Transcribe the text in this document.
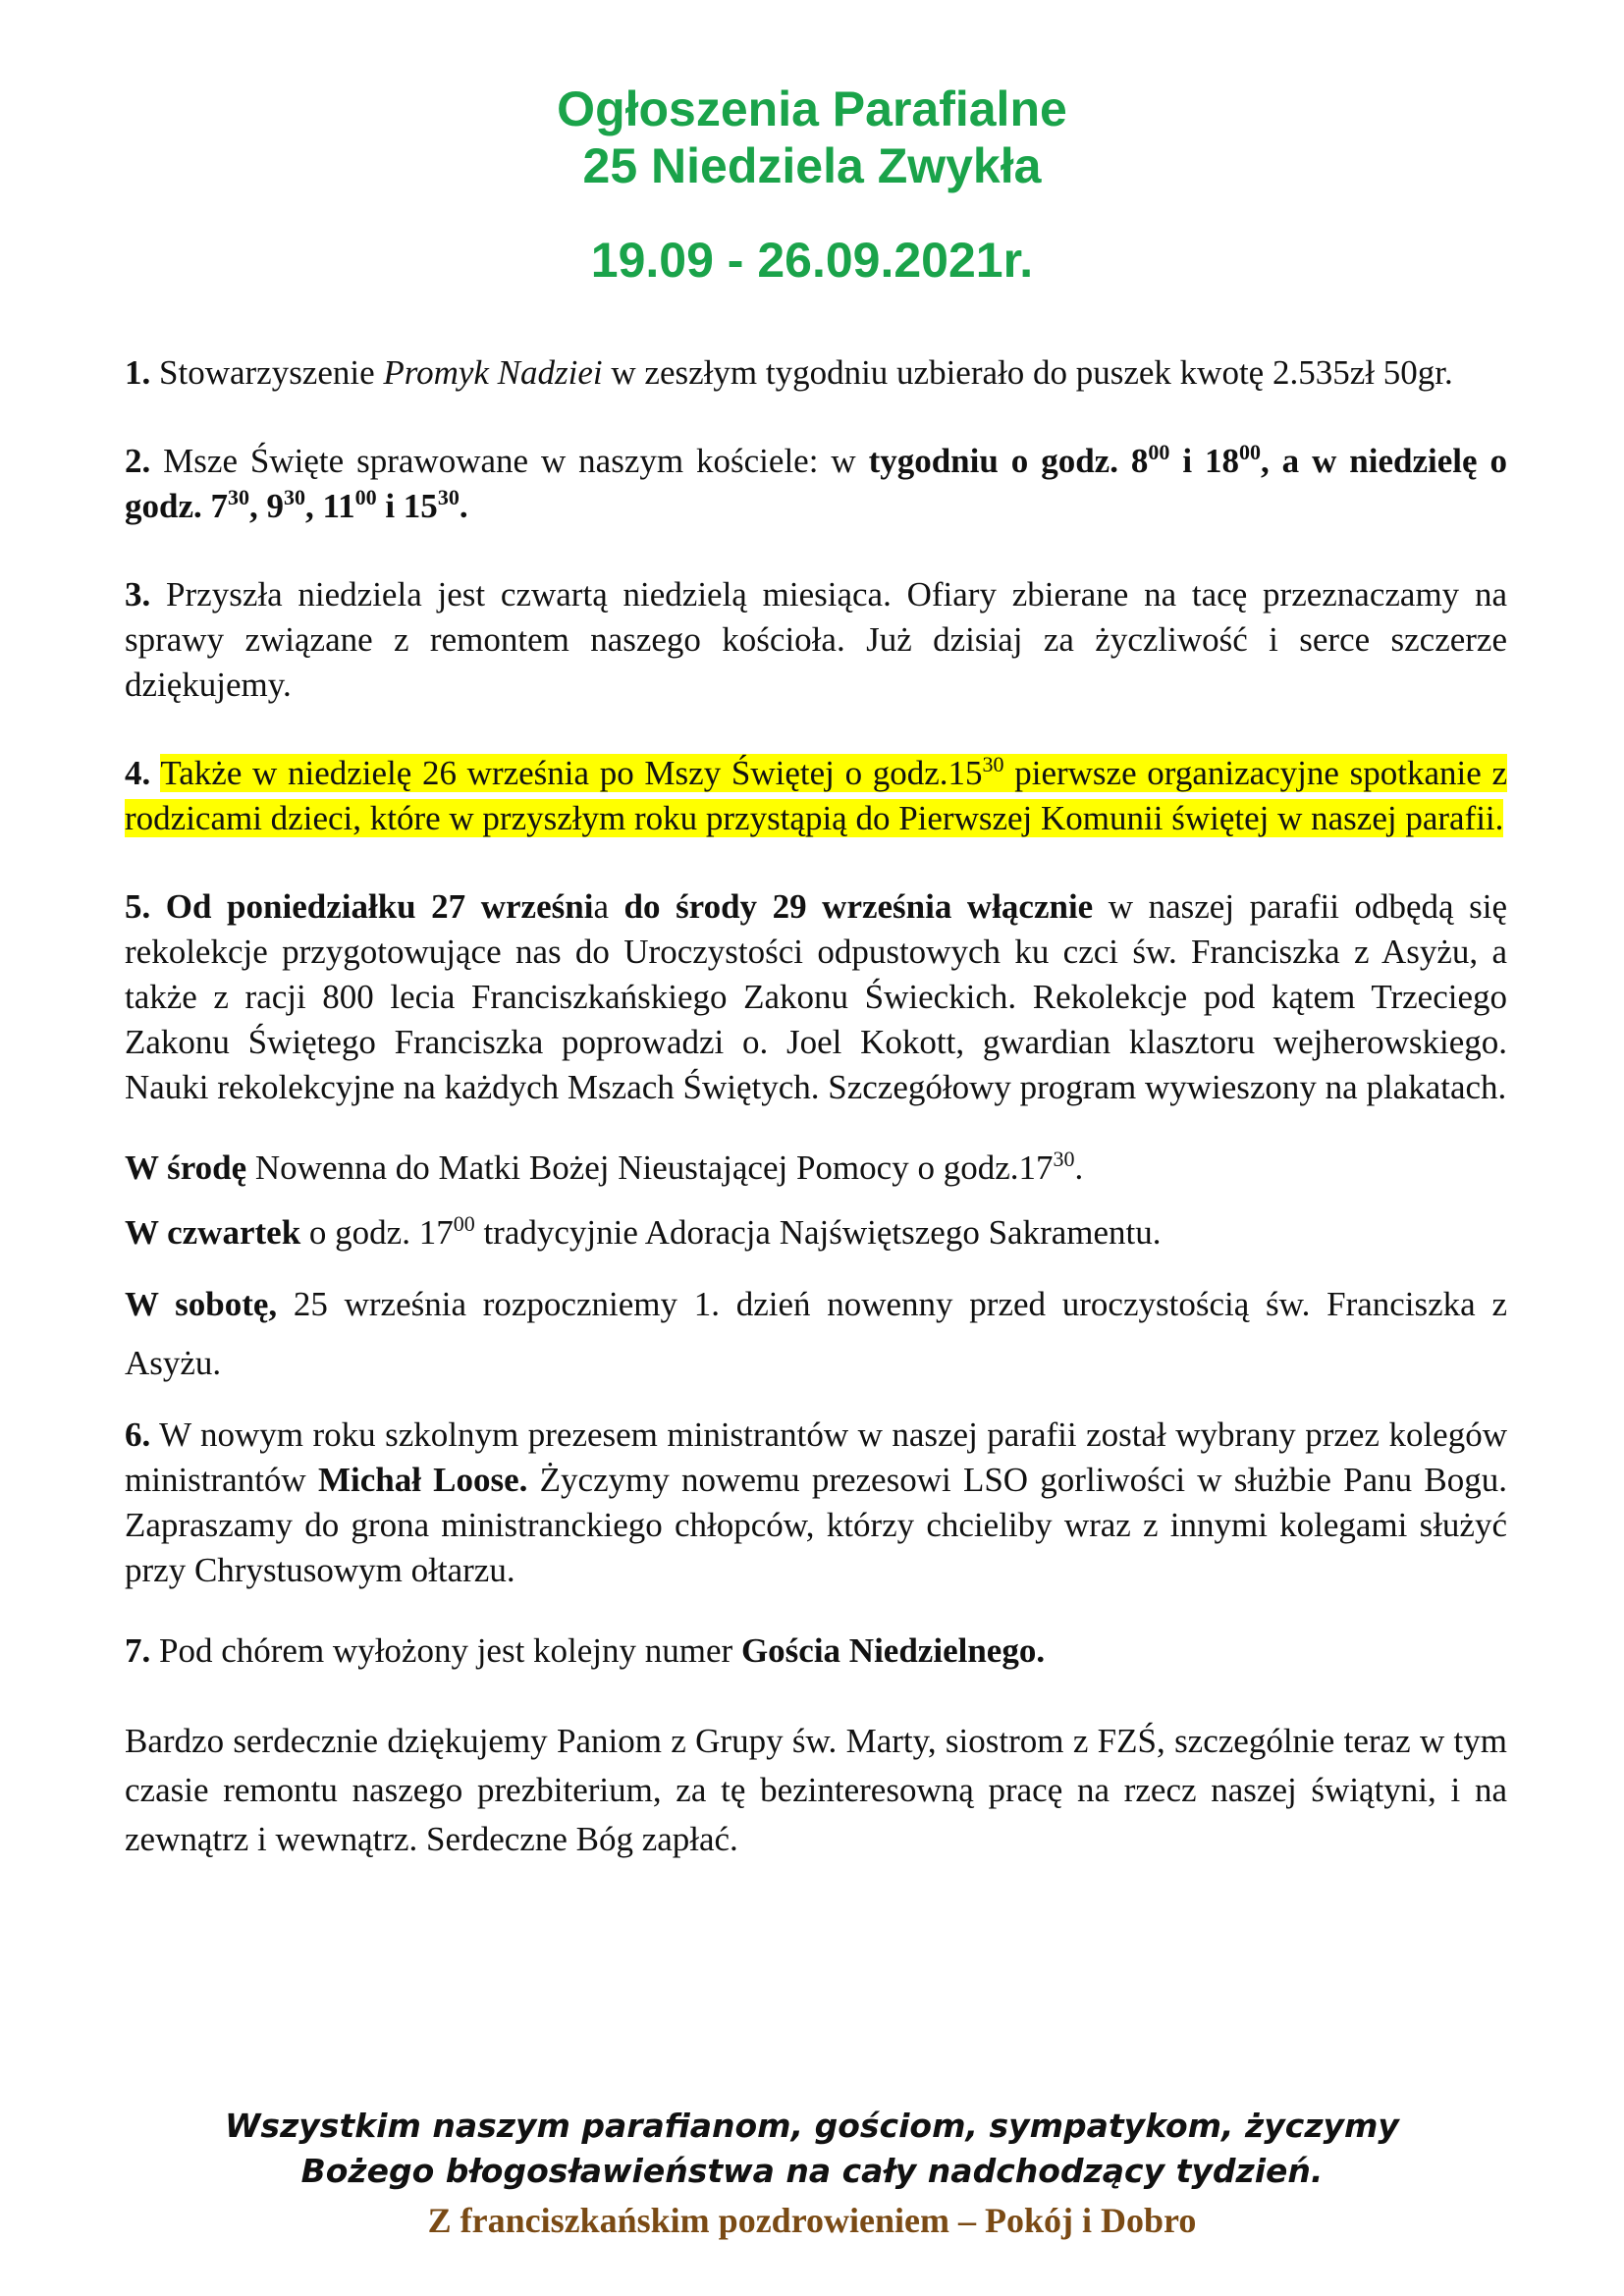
Ogłoszenia Parafialne
25 Niedziela Zwykła
19.09 - 26.09.2021r.

1. Stowarzyszenie Promyk Nadziei w zeszłym tygodniu uzbierało do puszek kwotę 2.535zł 50gr.

2. Msze Święte sprawowane w naszym kościele: w tygodniu o godz. $8^{00}$ i $18^{00}$, a w niedzielę o godz. $7^{30}$, $9^{30}$, $11^{00}$ i $15^{30}$.

3. Przyszła niedziela jest czwartą niedzielą miesiąca. Ofiary zbierane na tacę przeznaczamy na sprawy związane z remontem naszego kościoła. Już dzisiaj za życzliwość i serce szczerze dziękujemy.

4. Także w niedzielę 26 września po Mszy Świętej o $godz.15^{30}$ pierwsze organizacyjne spotkanie z rodzicami dzieci, które w przyszłym roku przystąpią do Pierwszej Komunii świętej w naszej parafii.

5. Od poniedziałku 27 września do środy 29 września włącznie w naszej parafii odbędą się rekolekcje przygotowujące nas do Uroczystości odpustowych ku czci św. Franciszka z Asyżu, a także z racji 800 lecia Franciszkańskiego Zakonu Świeckich. Rekolekcje pod kątem Trzeciego Zakonu Świętego Franciszka poprowadzi o. Joel Kokott, gwardian klasztoru wejherowskiego. Nauki rekolekcyjne na każdych Mszach Świętych. Szczegółowy program wywieszony na plakatach.

W środę Nowenna do Matki Bożej Nieustającej Pomocy o $godz.17^{30}$.

W czwartek o godz. $17^{00}$ tradycyjnie Adoracja Najświętszego Sakramentu.

W sobotę, 25 września rozpoczniemy 1. dzień nowenny przed uroczystością św. Franciszka z Asyżu.

6. W nowym roku szkolnym prezesem ministrantów w naszej parafii został wybrany przez kolegów ministrantów Michał Loose. Życzymy nowemu prezesowi LSO gorliwości w służbie Panu Bogu. Zapraszamy do grona ministranckiego chłopców, którzy chcieliby wraz z innymi kolegami służyć przy Chrystusowym ołtarzu.

7. Pod chórem wyłożony jest kolejny numer Gościa Niedzielnego.

Bardzo serdecznie dziękujemy Paniom z Grupy św. Marty, siostrom z FZŚ, szczególnie teraz w tym czasie remontu naszego prezbiterium, za tę bezinteresowną pracę na rzecz naszej świątyni, i na zewnątrz i wewnątrz. Serdeczne Bóg zapłać.

Wszystkim naszym parafianom, gościom, sympatykom, życzymy
Bożego błogosławieństwa na cały nadchodzący tydzień.
Z franciszkańskim pozdrowieniem – Pokój i Dobro
